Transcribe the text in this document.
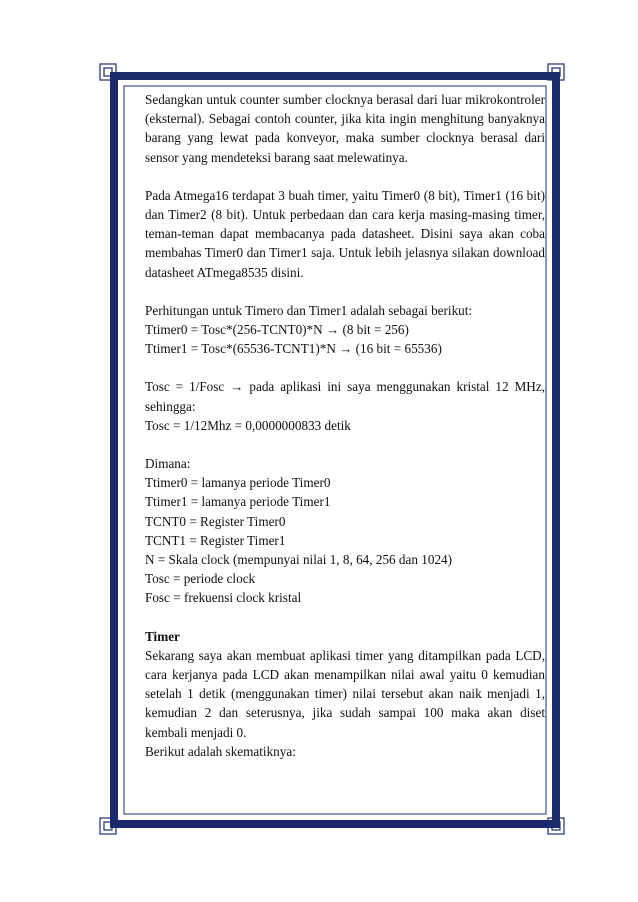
Sedangkan untuk counter sumber clocknya berasal dari luar mikrokontroler (eksternal). Sebagai contoh counter, jika kita ingin menghitung banyaknya barang yang lewat pada konveyor, maka sumber clocknya berasal dari sensor yang mendeteksi barang saat melewatinya.

Pada Atmega16 terdapat 3 buah timer, yaitu Timer0 (8 bit), Timer1 (16 bit) dan Timer2 (8 bit). Untuk perbedaan dan cara kerja masing-masing timer, teman-teman dapat membacanya pada datasheet. Disini saya akan coba membahas Timer0 dan Timer1 saja. Untuk lebih jelasnya silakan download datasheet ATmega8535 disini.

Perhitungan untuk Timero dan Timer1 adalah sebagai berikut:

Ttimer0 = Tosc*(256-TCNT0)*N → (8 bit = 256)
Ttimer1 = Tosc*(65536-TCNT1)*N → (16 bit = 65536)

Tosc = 1/Fosc → pada aplikasi ini saya menggunakan kristal 12 MHz, sehingga:

Tosc = 1/12Mhz = 0,0000000833 detik
Dimana:
Ttimer0 = lamanya periode Timer0
Ttimer1 = lamanya periode Timer1
TCNT0 = Register Timer0
TCNT1 = Register Timer1
N = Skala clock (mempunyai nilai 1, 8, 64, 256 dan 1024)
Tosc = periode clock
Fosc = frekuensi clock kristal
Timer

Sekarang saya akan membuat aplikasi timer yang ditampilkan pada LCD, cara kerjanya pada LCD akan menampilkan nilai awal yaitu 0 kemudian setelah 1 detik (menggunakan timer) nilai tersebut akan naik menjadi 1, kemudian 2 dan seterusnya, jika sudah sampai 100 maka akan diset kembali menjadi 0.

Berikut adalah skematiknya:
